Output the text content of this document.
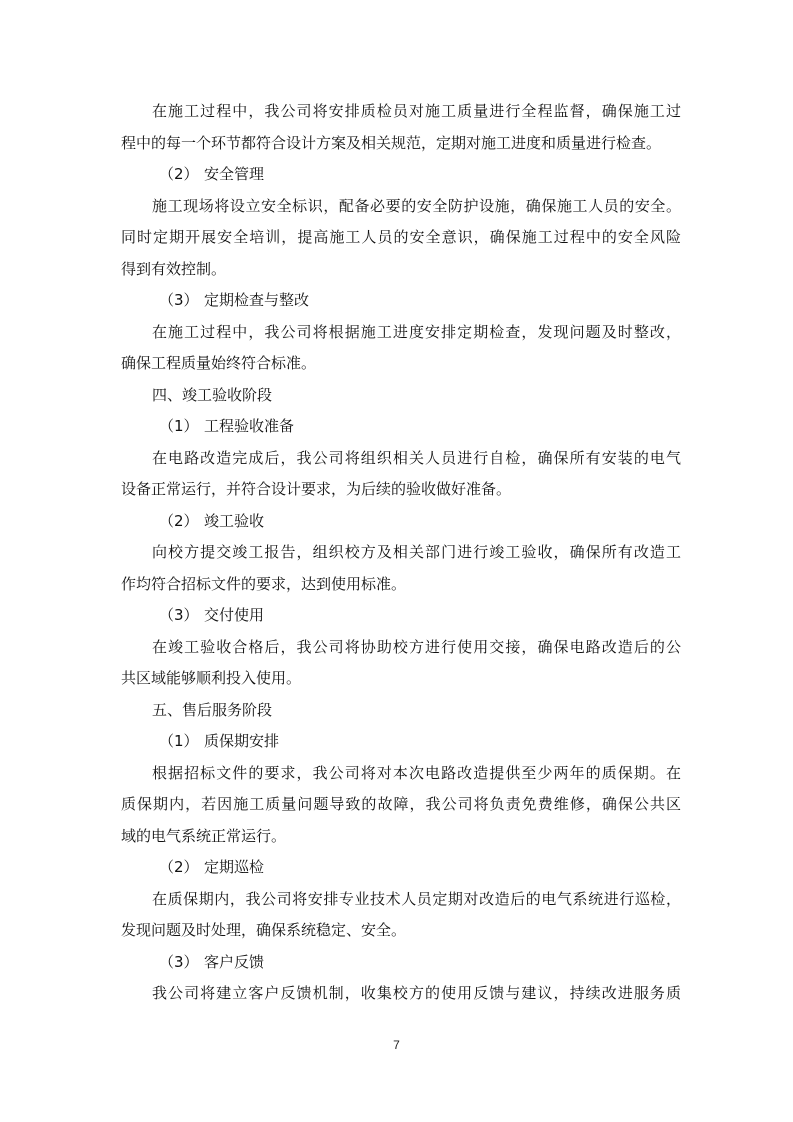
在施工过程中，我公司将安排质检员对施工质量进行全程监督，确保施工过
程中的每一个环节都符合设计方案及相关规范，定期对施工进度和质量进行检查。
（2） 安全管理
施工现场将设立安全标识，配备必要的安全防护设施，确保施工人员的安全。
同时定期开展安全培训，提高施工人员的安全意识，确保施工过程中的安全风险
得到有效控制。
（3） 定期检查与整改
在施工过程中，我公司将根据施工进度安排定期检查，发现问题及时整改，
确保工程质量始终符合标准。
四、竣工验收阶段
（1） 工程验收准备
在电路改造完成后，我公司将组织相关人员进行自检，确保所有安装的电气
设备正常运行，并符合设计要求，为后续的验收做好准备。
（2） 竣工验收
向校方提交竣工报告，组织校方及相关部门进行竣工验收，确保所有改造工
作均符合招标文件的要求，达到使用标准。
（3） 交付使用
在竣工验收合格后，我公司将协助校方进行使用交接，确保电路改造后的公
共区域能够顺利投入使用。
五、售后服务阶段
（1） 质保期安排
根据招标文件的要求，我公司将对本次电路改造提供至少两年的质保期。在
质保期内，若因施工质量问题导致的故障，我公司将负责免费维修，确保公共区
域的电气系统正常运行。
（2） 定期巡检
在质保期内，我公司将安排专业技术人员定期对改造后的电气系统进行巡检，
发现问题及时处理，确保系统稳定、安全。
（3） 客户反馈
我公司将建立客户反馈机制，收集校方的使用反馈与建议，持续改进服务质
7
